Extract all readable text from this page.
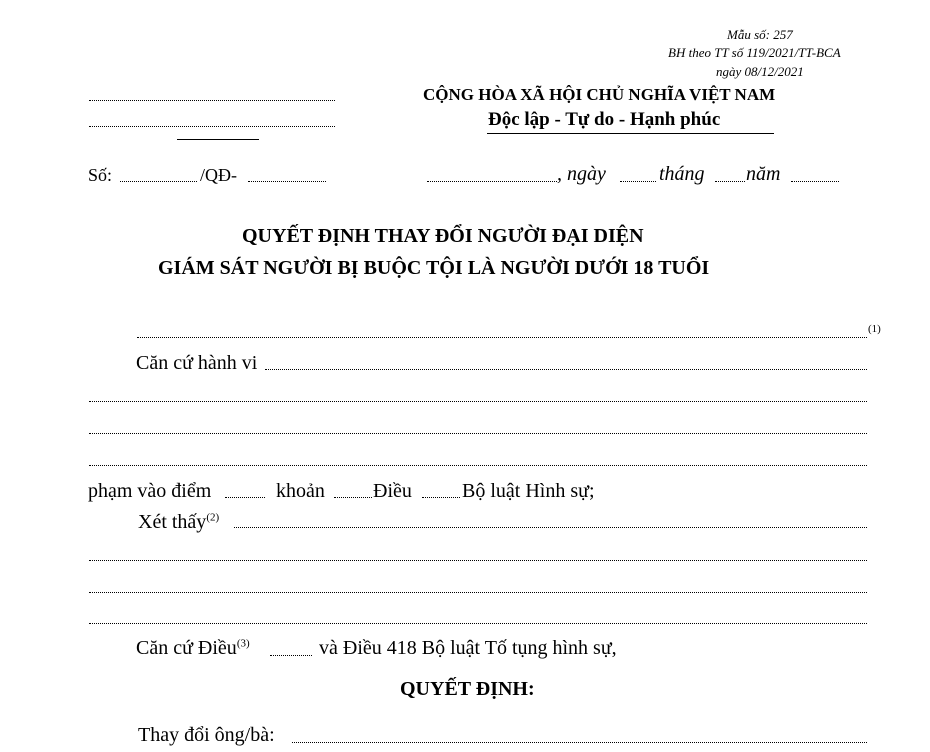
Mẫu số: 257
BH theo TT số 119/2021/TT-BCA
ngày 08/12/2021
CỘNG HÒA XÃ HỘI CHỦ NGHĨA VIỆT NAM
Độc lập - Tự do - Hạnh phúc
Số:	/QĐ-	, ngày	tháng năm
QUYẾT ĐỊNH THAY ĐỔI NGƯỜI ĐẠI DIỆN
GIÁM SÁT NGƯỜI BỊ BUỘC TỘI LÀ NGƯỜI DƯỚI 18 TUỔI
(1)
Căn cứ hành vi
phạm vào điểm	khoản Điều	Bộ luật Hình sự;
Xét thấy$^{(2)}$
Căn cứ Điều$^{(3)}$	và Điều 418 Bộ luật Tố tụng hình sự,
QUYẾT ĐỊNH:
Thay đổi ông/bà:
